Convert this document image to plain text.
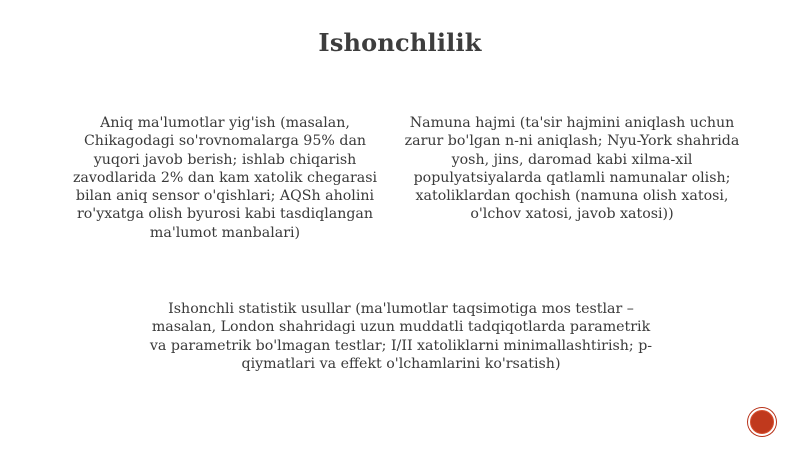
Ishonchlilik

Aniq ma'lumotlar yig'ish (masalan, Chikagodagi so'rovnomalarga 95% dan yuqori javob berish; ishlab chiqarish zavodlarida 2% dan kam xatolik chegarasi bilan aniq sensor o'qishlari; AQSh aholini ro'yxatga olish byurosi kabi tasdiqlangan ma'lumot manbalari)

Namuna hajmi (ta'sir hajmini aniqlash uchun zarur bo'lgan n-ni aniqlash; Nyu-York shahrida yosh, jins, daromad kabi xilma-xil populyatsiyalarda qatlamli namunalar olish; xatoliklardan qochish (namuna olish xatosi, o'lchov xatosi, javob xatosi))

Ishonchli statistik usullar (ma'lumotlar taqsimotiga mos testlar – masalan, London shahridagi uzun muddatli tadqiqotlarda parametrik va parametrik bo'lmagan testlar; I/II xatoliklarni minimallashtirish; p-qiymatlari va effekt o'lchamlarini ko'rsatish)
